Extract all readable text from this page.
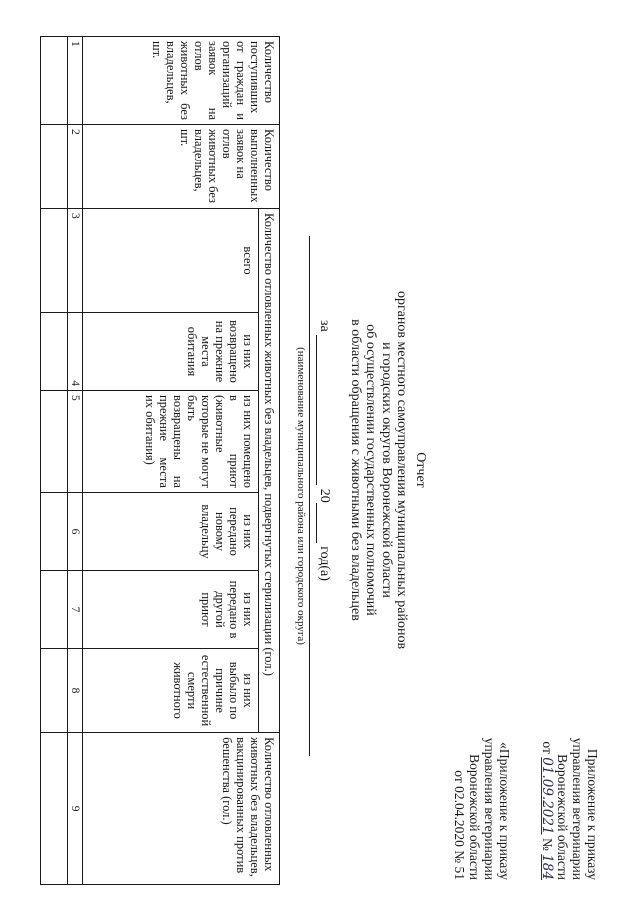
Приложение к приказу
управления ветеринарии
Воронежской области
от 01.09.2021 № 184
«Приложение к приказу
управления ветеринарии
Воронежской области
от 02.04.2020 № 51
Отчет
органов местного самоуправления муниципальных районов
и городских округов Воронежской области
об осуществлении государственных полномочий
в области обращения с животными без владельцев
за  20 год(а)
(наименование муниципального района или городского округа)
Количество поступивших от граждан и организаций заявок на отлов животных без владельцев, шт.	Количество выполненных заявок на отлов животных без владельцев, шт.	Количество отловленных животных без владельцев, подвергнутых стерилизации (гол.)						Количество отловленных животных без владельцев, вакцинированных против бешенства (гол.)
		всего	из них возвращено на прежние места обитания	из них помещено в приют (животные которые не могут быть возвращены на прежние места их обитания)	из них передано новому владельцу	из них передано в другой приют	из них выбыло по причине естественной смерти животного	
1	2	3	4	5	6	7	8	9
